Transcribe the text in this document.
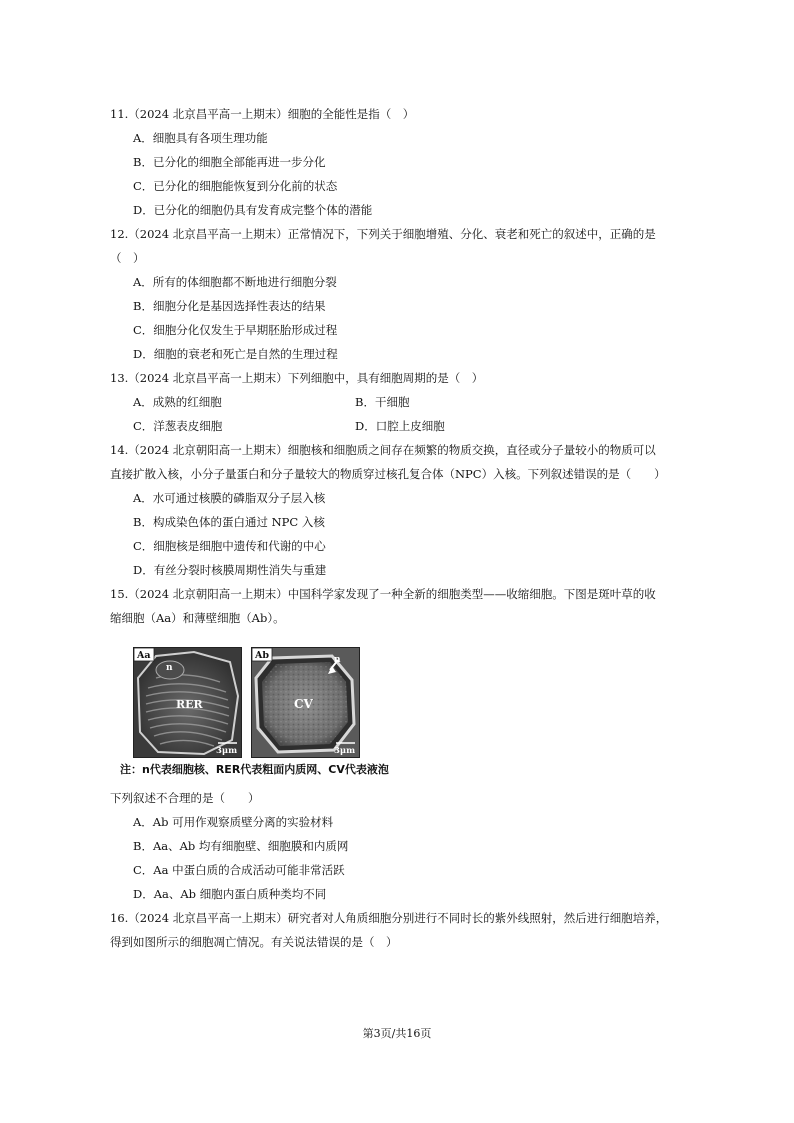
11.（2024 北京昌平高一上期末）细胞的全能性是指（　）
A．细胞具有各项生理功能
B．已分化的细胞全部能再进一步分化
C．已分化的细胞能恢复到分化前的状态
D．已分化的细胞仍具有发育成完整个体的潜能
12.（2024 北京昌平高一上期末）正常情况下，下列关于细胞增殖、分化、衰老和死亡的叙述中，正确的是
（　）
A．所有的体细胞都不断地进行细胞分裂
B．细胞分化是基因选择性表达的结果
C．细胞分化仅发生于早期胚胎形成过程
D．细胞的衰老和死亡是自然的生理过程
13.（2024 北京昌平高一上期末）下列细胞中，具有细胞周期的是（　）
A．成熟的红细胞	B．干细胞
C．洋葱表皮细胞	D．口腔上皮细胞
14.（2024 北京朝阳高一上期末）细胞核和细胞质之间存在频繁的物质交换，直径或分子量较小的物质可以
直接扩散入核，小分子量蛋白和分子量较大的物质穿过核孔复合体（NPC）入核。下列叙述错误的是（　　）
A．水可通过核膜的磷脂双分子层入核
B．构成染色体的蛋白通过 NPC 入核
C．细胞核是细胞中遗传和代谢的中心
D．有丝分裂时核膜周期性消失与重建
15.（2024 北京朝阳高一上期末）中国科学家发现了一种全新的细胞类型——收缩细胞。下图是斑叶草的收
缩细胞（Aa）和薄壁细胞（Ab）。
Aa
n
RER
3μm
Ab	n
CV
3μm
注：n代表细胞核、RER代表粗面内质网、CV代表液泡
下列叙述不合理的是（　　）
A．Ab 可用作观察质壁分离的实验材料
B．Aa、Ab 均有细胞壁、细胞膜和内质网
C．Aa 中蛋白质的合成活动可能非常活跃
D．Aa、Ab 细胞内蛋白质种类均不同
16.（2024 北京昌平高一上期末）研究者对人角质细胞分别进行不同时长的紫外线照射，然后进行细胞培养，
得到如图所示的细胞凋亡情况。有关说法错误的是（　）
第3页/共16页
